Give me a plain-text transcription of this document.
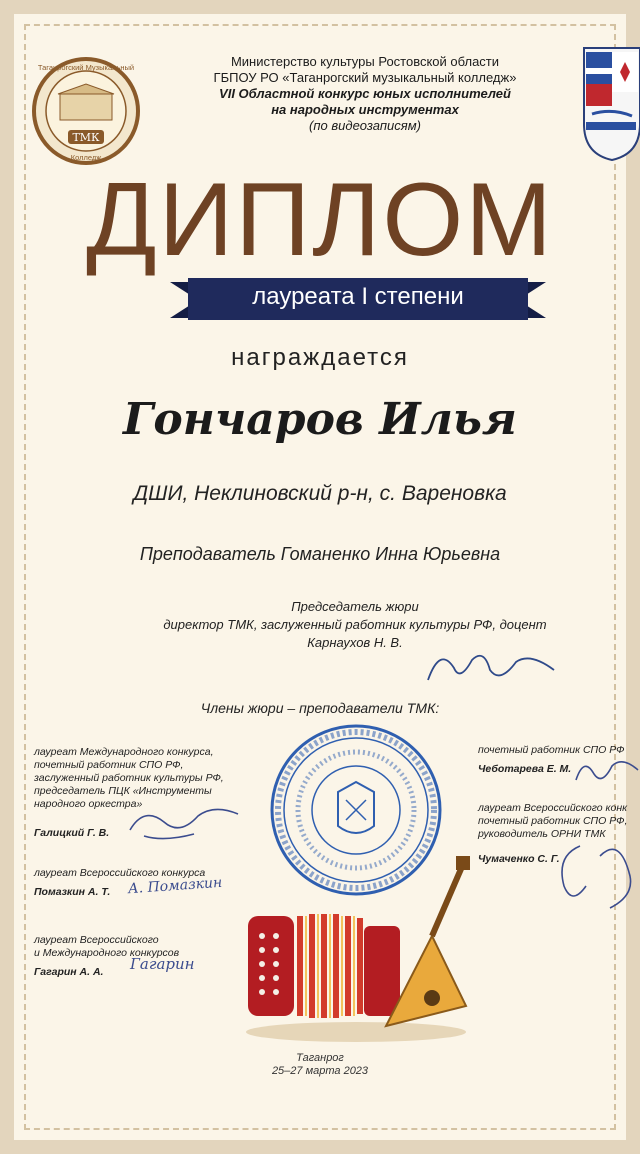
ТМК
Таганрогский Музыкальный
Колледж
Министерство культуры Ростовской области
ГБПОУ РО «Таганрогский музыкальный колледж»
VII Областной конкурс юных исполнителей
на народных инструментах
(по видеозаписям)
ДИПЛОМ
лауреата I степени
награждается
Гончаров Илья
ДШИ, Неклиновский р-н, с. Вареновка
Преподаватель Гоманенко Инна Юрьевна
Председатель жюри
директор ТМК, заслуженный работник культуры РФ, доцент
Карнаухов Н. В.
Члены жюри – преподаватели ТМК:
лауреат Международного конкурса,
почетный работник СПО РФ,
заслуженный работник культуры РФ,
председатель ПЦК «Инструменты
народного оркестра»
Галицкий Г. В.
лауреат Всероссийского конкурса
Помазкин А. Т.	А. Помазкин
лауреат Всероссийского
и Международного конкурсов
Гагарин А. А.	Гагарин
почетный работник СПО РФ
Чеботарева Е. М.
лауреат Всероссийского конк
почетный работник СПО РФ,
руководитель ОРНИ ТМК
Чумаченко С. Г.
Таганрог
25–27 марта 2023
